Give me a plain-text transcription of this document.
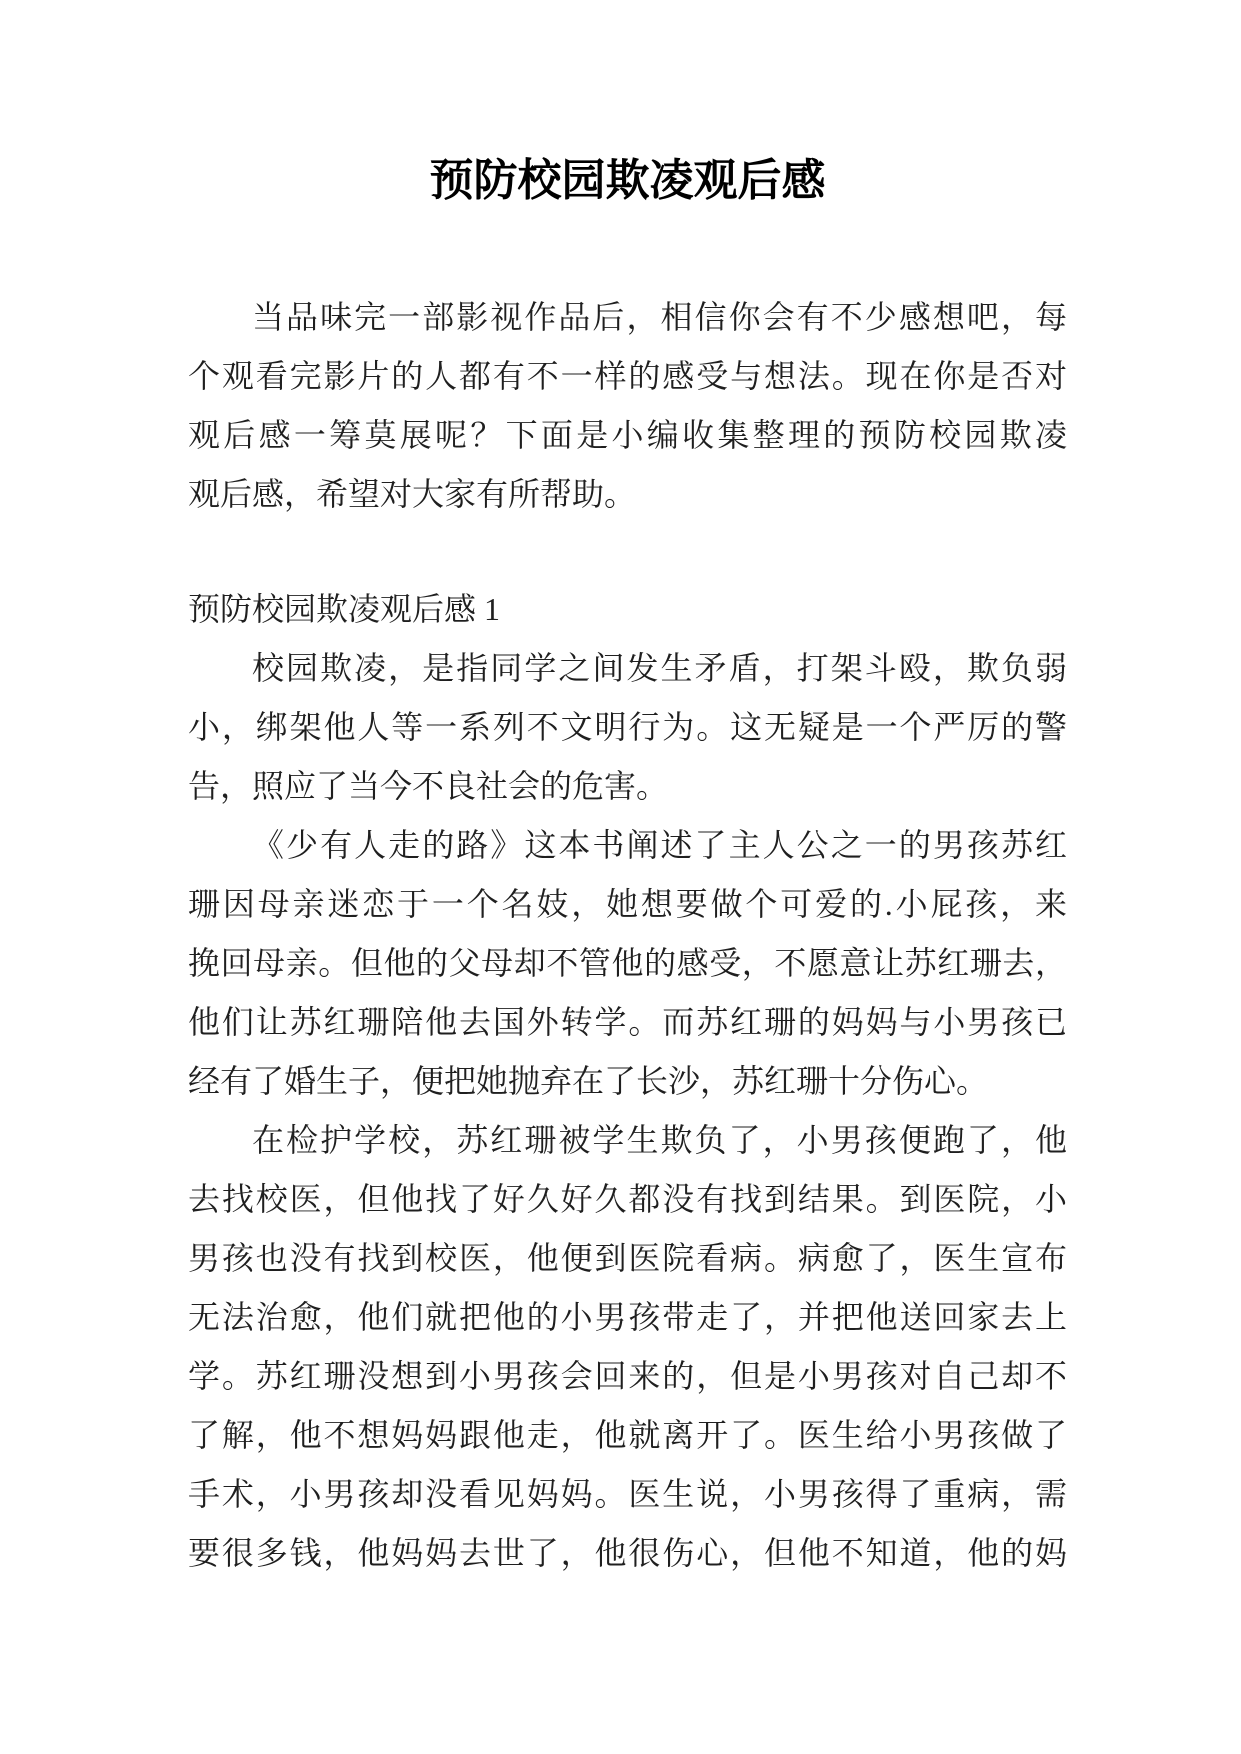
预防校园欺凌观后感
当品味完一部影视作品后，相信你会有不少感想吧，每
个观看完影片的人都有不一样的感受与想法。现在你是否对
观后感一筹莫展呢？下面是小编收集整理的预防校园欺凌
观后感，希望对大家有所帮助。
预防校园欺凌观后感 1
校园欺凌，是指同学之间发生矛盾，打架斗殴，欺负弱
小，绑架他人等一系列不文明行为。这无疑是一个严厉的警
告，照应了当今不良社会的危害。
《少有人走的路》这本书阐述了主人公之一的男孩苏红
珊因母亲迷恋于一个名妓，她想要做个可爱的.小屁孩，来
挽回母亲。但他的父母却不管他的感受，不愿意让苏红珊去，
他们让苏红珊陪他去国外转学。而苏红珊的妈妈与小男孩已
经有了婚生子，便把她抛弃在了长沙，苏红珊十分伤心。
在检护学校，苏红珊被学生欺负了，小男孩便跑了，他
去找校医，但他找了好久好久都没有找到结果。到医院，小
男孩也没有找到校医，他便到医院看病。病愈了，医生宣布
无法治愈，他们就把他的小男孩带走了，并把他送回家去上
学。苏红珊没想到小男孩会回来的，但是小男孩对自己却不
了解，他不想妈妈跟他走，他就离开了。医生给小男孩做了
手术，小男孩却没看见妈妈。医生说，小男孩得了重病，需
要很多钱，他妈妈去世了，他很伤心，但他不知道，他的妈
